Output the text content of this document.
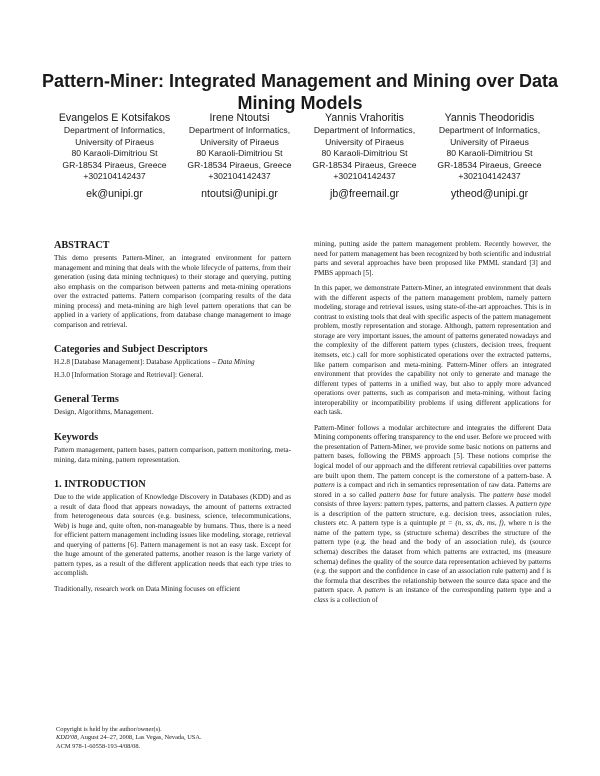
Pattern-Miner: Integrated Management and Mining over Data Mining Models
Evangelos E Kotsifakos
Department of Informatics,
University of Piraeus
80 Karaoli-Dimitriou St
GR-18534 Piraeus, Greece
+302104142437
ek@unipi.gr
Irene Ntoutsi
Department of Informatics,
University of Piraeus
80 Karaoli-Dimitriou St
GR-18534 Piraeus, Greece
+302104142437
ntoutsi@unipi.gr
Yannis Vrahoritis
Department of Informatics,
University of Piraeus
80 Karaoli-Dimitriou St
GR-18534 Piraeus, Greece
+302104142437
jb@freemail.gr
Yannis Theodoridis
Department of Informatics,
University of Piraeus
80 Karaoli-Dimitriou St
GR-18534 Piraeus, Greece
+302104142437
ytheod@unipi.gr
ABSTRACT

This demo presents Pattern-Miner, an integrated environment for pattern management and mining that deals with the whole lifecycle of patterns, from their generation (using data mining techniques) to their storage and querying, putting also emphasis on the comparison between patterns and meta-mining operations over the extracted patterns. Pattern comparison (comparing results of the data mining process) and meta-mining are high level pattern operations that can be applied in a variety of applications, from database change management to image comparison and retrieval.

Categories and Subject Descriptors

H.2.8 [Database Management]: Database Applications – Data Mining

H.3.0 [Information Storage and Retrieval]: General.

General Terms

Design, Algorithms, Management.

Keywords

Pattern management, pattern bases, pattern comparison, pattern monitoring, meta-mining, data mining, pattern representation.

1. INTRODUCTION

Due to the wide application of Knowledge Discovery in Databases (KDD) and as a result of data flood that appears nowadays, the amount of patterns extracted from heterogeneous data sources (e.g. business, science, telecommunications, Web) is huge and, quite often, non-manageable by humans. Thus, there is a need for efficient pattern management including issues like modeling, storage, retrieval and querying of patterns [6]. Pattern management is not an easy task. Except for the huge amount of the generated patterns, another reason is the large variety of pattern types, as a result of the different application needs that each type tries to accomplish.

Traditionally, research work on Data Mining focuses on efficient

Copyright is held by the author/owner(s).
KDD'08, August 24–27, 2008, Las Vegas, Nevada, USA.
ACM 978-1-60558-193-4/08/08.

mining, putting aside the pattern management problem. Recently however, the need for pattern management has been recognized by both scientific and industrial parts and several approaches have been proposed like PMML standard [3] and PMBS approach [5].

In this paper, we demonstrate Pattern-Miner, an integrated environment that deals with the different aspects of the pattern management problem, namely pattern modeling, storage and retrieval issues, using state-of-the-art approaches. This is in contrast to existing tools that deal with specific aspects of the pattern management problem, mostly representation and storage. Although, pattern representation and storage are very important issues, the amount of patterns generated nowadays and the complexity of the different pattern types (clusters, decision trees, frequent itemsets, etc.) call for more sophisticated operations over the extracted patterns, like pattern comparison and meta-mining. Pattern-Miner offers an integrated environment that provides the capability not only to generate and manage the different types of patterns in a unified way, but also to apply more advanced operations over patterns, such as comparison and meta-mining, without facing interoperability or incompatibility problems if using different applications for each task.

Pattern-Miner follows a modular architecture and integrates the different Data Mining components offering transparency to the end user. Before we proceed with the presentation of Pattern-Miner, we provide some basic notions on patterns and pattern bases, following the PBMS approach [5]. These notions comprise the logical model of our approach and the different retrieval capabilities over patterns are built upon them. The pattern concept is the cornerstone of a pattern-base. A pattern is a compact and rich in semantics representation of raw data. Patterns are stored in a so called pattern base for future analysis. The pattern base model consists of three layers: pattern types, patterns, and pattern classes. A pattern type is a description of the pattern structure, e.g. decision trees, association rules, clusters etc. A pattern type is a quintuple pt = (n, ss, ds, ms, f), where n is the name of the pattern type, ss (structure schema) describes the structure of the pattern type (e.g. the head and the body of an association rule), ds (source schema) describes the dataset from which patterns are extracted, ms (measure schema) defines the quality of the source data representation achieved by patterns (e.g. the support and the confidence in case of an association rule pattern) and f is the formula that describes the relationship between the source data space and the pattern space. A pattern is an instance of the corresponding pattern type and a class is a collection of
